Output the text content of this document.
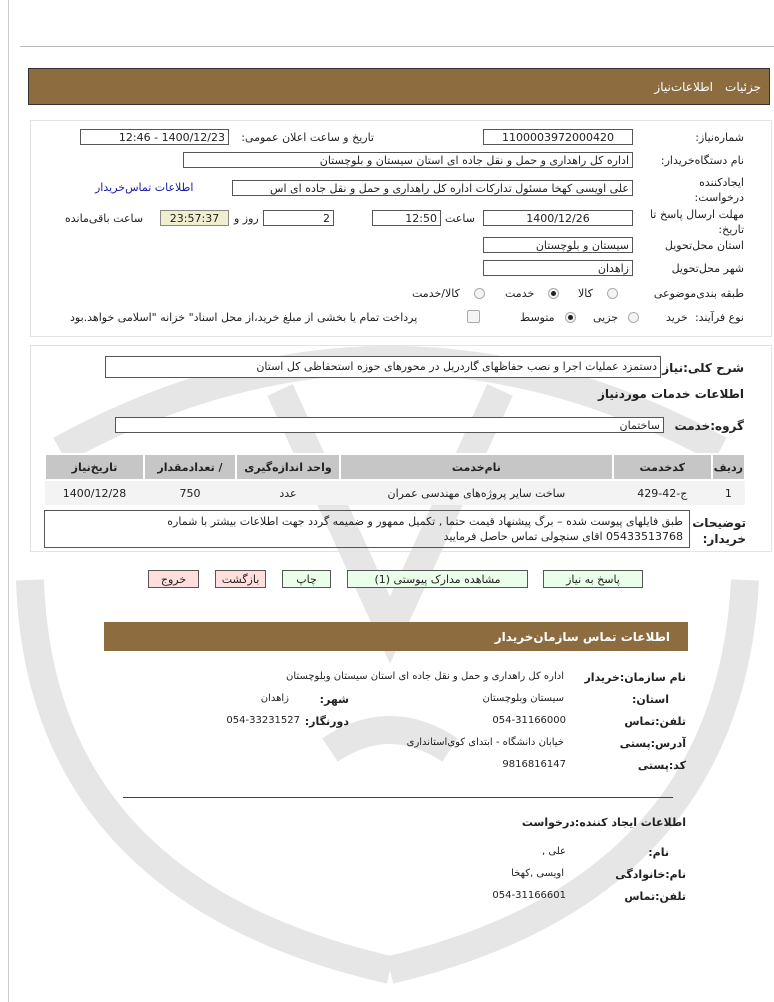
جزئیات
اطلاعات‌نیاز
شماره‌نیاز:
1100003972000420
تاریخ و ساعت اعلان عمومی:
1400/12/23 - 12:46
نام دستگاه‌خریدار:
اداره کل راهداری و حمل و نقل جاده ای استان سیستان و بلوچستان
ایجادکننده درخواست:
علی اویسی کهخا مسئول تدارکات اداره کل راهداری و حمل و نقل جاده ای اس
اطلاعات تماس‌خریدار
مهلت ارسال پاسخ تا تاریخ:
1400/12/26
ساعت
12:50
2
روز و
23:57:37
ساعت باقی‌مانده
استان محل‌تحویل
سیستان و بلوچستان
شهر محل‌تحویل
زاهدان
طبقه بندی‌موضوعی
کالا
خدمت
کالا/خدمت
نوع فرآیند:
خرید
جزیی
متوسط
پرداخت تمام یا بخشی از مبلغ خرید،از محل اسناد" خزانه "اسلامی خواهد.بود
شرح کلی:نیاز
دستمزد عملیات اجرا و نصب حفاظهای گاردریل در محورهای حوزه استحفاظی کل استان
اطلاعات خدمات موردنیاز
گروه:خدمت
ساختمان
ردیف	کدخدمت	نام‌خدمت	واحد اندازه‌گیری	/ تعدادمقدار	تاریخ‌نیاز
1	ج-42-429	ساخت سایر پروژه‌های مهندسی عمران	عدد	750	1400/12/28
توضیحات خریدار:
طبق فایلهای پیوست شده – برگ پیشنهاد قیمت حتما , تکمیل ممهور و ضمیمه گردد جهت اطلاعات بیشتر با شماره
05433513768 اقای سنچولی تماس حاصل فرمایید
پاسخ به نیاز
مشاهده مدارک پیوستی (1)
چاپ
بازگشت
خروج
اطلاعات تماس سازمان‌خریدار
نام سازمان:خریدار
اداره کل راهداری و حمل و نقل جاده ای استان سیستان وبلوچستان
استان:
سیستان وبلوچستان
شهر:
زاهدان
تلفن:تماس
054-31166000
دورنگار:
054-33231527
آدرس:پستی
خیابان دانشگاه - ابتدای کوی‌استانداری
کد:پستی
9816816147
اطلاعات ایجاد کننده:درخواست
نام:
علی ,
نام:خانوادگی
اویسی ,کهخا
تلفن:تماس
054-31166601
